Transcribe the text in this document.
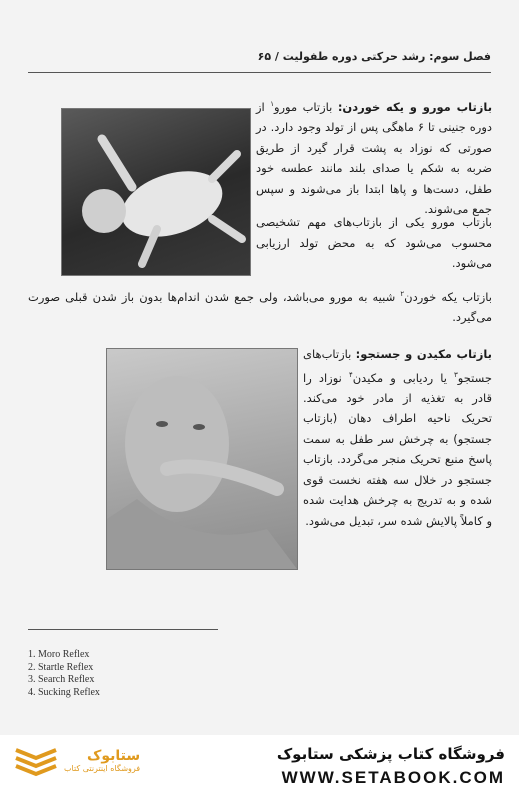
فصل سوم: رشد حرکتی دوره طفولیت / ۶۵
بازتاب مورو و یکه خوردن: بازتاب مورو$^۱$ از دوره جنینی تا ۶ ماهگی پس از تولد وجود دارد. در صورتی که نوزاد به پشت قرار گیرد از طریق ضربه به شکم یا صدای بلند مانند عطسه خود طفل، دست‌ها و پاها ابتدا باز می‌شوند و سپس جمع می‌شوند.
بازتاب مورو یکی از بازتاب‌های مهم تشخیصی محسوب می‌شود که به محض تولد ارزیابی می‌شود.
بازتاب یکه خوردن$^۲$ شبیه به مورو می‌باشد، ولی جمع شدن اندام‌ها بدون باز شدن قبلی صورت می‌گیرد.
بازتاب مکیدن و جستجو: بازتاب‌های جستجو$^۳$ یا ردیابی و مکیدن$^۴$ نوزاد را قادر به تغذیه از مادر خود می‌کند. تحریک ناحیه اطراف دهان (بازتاب جستجو) به چرخش سر طفل به سمت پاسخ منبع تحریک منجر می‌گردد. بازتاب جستجو در خلال سه هفته نخست قوی شده و به تدریج به چرخش هدایت شده و کاملاً پالایش شده سر، تبدیل می‌شود.
1. Moro Reflex
2. Startle Reflex
3. Search Reflex
4. Sucking Reflex
ستابوک
فروشگاه اینترنتی کتاب
فروشگاه کتاب پزشکی ستابوک
WWW.SETABOOK.COM
